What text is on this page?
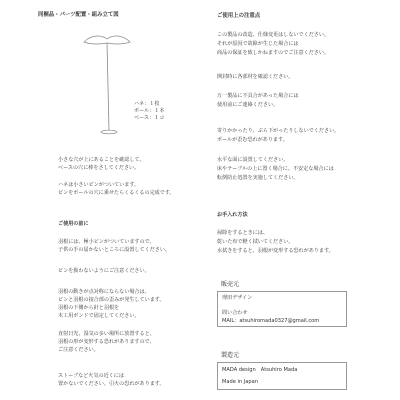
同梱品・パーツ配置・組み立て図
ハネ：１枚
ポール：１本
ベース：１コ
小さな穴が上にあることを確認して、
ベースの穴に棒をさしてください。
ハネは小さいピンがついています。
ピンをポールの穴に乗せたらくるくるの完成です。
ご使用の前に
羽根には、極小ピンがついていますので、
子供の手の届かないところに設置してください。
ピンを扱わないようにご注意ください。
羽根の動きが点対称にならない場合は、
ピンと羽根の接合部の歪みが発生しています。
羽根の下側から針と羽根を
木工用ボンドで固定してください。
直射日光、湿気の多い場所に放置すると、
羽根の形が変形する恐れがありますので、
ご注意ください。
ストーブなど火気の近くには
置かないでください。引火の恐れがあります。
ご使用上の注意点
この製品の改造、仕様変更はしないでください。
それが原因で故障が生じた場合には
商品の保証を致しかねますのでご注意ください。
開封時に各部材を確認ください。
万一製品に不具合があった場合には
使用前にご連絡ください。
寄りかかったり、ぶら下がったりしないでください。
ポールが歪む恐れがあります。
水平な面に設置してください。
床やテーブルの上に置く場合に、不安定な場合には
転倒防止処置を実施してください。
お手入れ方法
掃除をするときには、
乾いた布で軽く拭いてください。
水拭きをすると、羽根が変形する恐れがあります。
販売元
理田デザイン
問い合わせ
MAIL：atsuhiromada0327@gmail.com
製造元
MADA design　Atsuhiro Mada
Made in Japan
